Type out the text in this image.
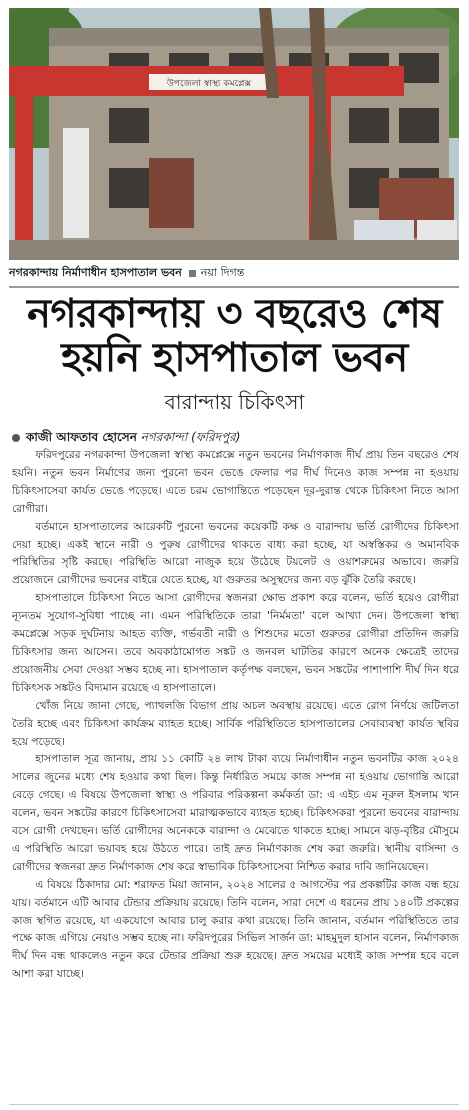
উপজেলা স্বাস্থ্য কমপ্লেক্স
নগরকান্দায় নির্মাণাধীন হাসপাতাল ভবন নয়া দিগন্ত
নগরকান্দায় ৩ বছরেও শেষ
হয়নি হাসপাতাল ভবন
বারান্দায় চিকিৎসা
কাজী আফতাব হোসেন নগরকান্দা (ফরিদপুর)

ফরিদপুরের নগরকান্দা উপজেলা স্বাস্থ্য কমপ্লেক্সে নতুন ভবনের নির্মাণকাজ দীর্ঘ প্রায় তিন বছরেও শেষ হয়নি। নতুন ভবন নির্মাণের জন্য পুরনো ভবন ভেঙে ফেলার পর দীর্ঘ দিনেও কাজ সম্পন্ন না হওয়ায় চিকিৎসাসেবা কার্যত ভেঙে পড়েছে। এতে চরম ভোগান্তিতে পড়েছেন দূর-দুরান্ত থেকে চিকিৎসা নিতে আসা রোগীরা।

বর্তমানে হাসপাতালের আরেকটি পুরনো ভবনের কয়েকটি কক্ষ ও বারান্দায় ভর্তি রোগীদের চিকিৎসা দেয়া হচ্ছে। একই স্থানে নারী ও পুরুষ রোগীদের থাকতে বাধ্য করা হচ্ছে, যা অস্বস্তিকর ও অমানবিক পরিস্থিতির সৃষ্টি করছে। পরিস্থিতি আরো নাজুক হয়ে উঠেছে টয়লেট ও ওয়াশরুমের অভাবে। জরুরি প্রয়োজনে রোগীদের ভবনের বাইরে যেতে হচ্ছে, যা গুরুতর অসুস্থদের জন্য বড় ঝুঁকি তৈরি করছে।

হাসপাতালে চিকিৎসা নিতে আসা রোগীদের স্বজনরা ক্ষোভ প্রকাশ করে বলেন, ভর্তি হয়েও রোগীরা ন্যূনতম সুযোগ-সুবিধা পাচ্ছে না। এমন পরিস্থিতিকে তারা 'নির্মমতা' বলে আখ্যা দেন। উপজেলা স্বাস্থ্য কমপ্লেক্সে সড়ক দুর্ঘটনায় আহত ব্যক্তি, গর্ভবতী নারী ও শিশুদের মতো গুরুতর রোগীরা প্রতিদিন জরুরি চিকিৎসার জন্য আসেন। তবে অবকাঠামোগত সঙ্কট ও জনবল ঘাটতির কারণে অনেক ক্ষেত্রেই তাদের প্রয়োজনীয় সেবা দেওয়া সম্ভব হচ্ছে না। হাসপাতাল কর্তৃপক্ষ বলছেন, ভবন সঙ্কটের পাশাপাশি দীর্ঘ দিন ধরে চিকিৎসক সঙ্কটও বিদ্যমান রয়েছে এ হাসপাতালে।

খোঁজ নিয়ে জানা গেছে, প্যাথলজি বিভাগ প্রায় অচল অবস্থায় রয়েছে। এতে রোগ নির্ণয়ে জটিলতা তৈরি হচ্ছে এবং চিকিৎসা কার্যক্রম ব্যাহত হচ্ছে। সার্বিক পরিস্থিতিতে হাসপাতালের সেবাব্যবস্থা কার্যত স্থবির হয়ে পড়েছে।

হাসপাতাল সূত্র জানায়, প্রায় ১১ কোটি ২৪ লাখ টাকা ব্যয়ে নির্মাণাধীন নতুন ভবনটির কাজ ২০২৪ সালের জুনের মধ্যে শেষ হওয়ার কথা ছিল। কিন্তু নির্ধারিত সময়ে কাজ সম্পন্ন না হওয়ায় ভোগান্তি আরো বেড়ে গেছে। এ বিষয়ে উপজেলা স্বাস্থ্য ও পরিবার পরিকল্পনা কর্মকর্তা ডা: এ এইচ এম নূরুল ইসলাম খান বলেন, ভবন সঙ্কটের কারণে চিকিৎসাসেবা মারাত্মকভাবে ব্যাহত হচ্ছে। চিকিৎসকরা পুরনো ভবনের বারান্দায় বসে রোগী দেখছেন। ভর্তি রোগীদের অনেককে বারান্দা ও মেঝেতে থাকতে হচ্ছে। সামনে ঝড়-বৃষ্টির মৌসুমে এ পরিস্থিতি আরো ভয়াবহ হয়ে উঠতে পারে। তাই দ্রুত নির্মাণকাজ শেষ করা জরুরি। স্থানীয় বাসিন্দা ও রোগীদের স্বজনরা দ্রুত নির্মাণকাজ শেষ করে স্বাভাবিক চিকিৎসাসেবা নিশ্চিত করার দাবি জানিয়েছেন।

এ বিষয়ে ঠিকাদার মো: শরাফত মিয়া জানান, ২০২৪ সালের ৫ আগস্টের পর প্রকল্পটির কাজ বন্ধ হয়ে যায়। বর্তমানে এটি আবার টেন্ডার প্রক্রিয়ায় রয়েছে। তিনি বলেন, সারা দেশে এ ধরনের প্রায় ১৪০টি প্রকল্পের কাজ স্থগিত রয়েছে, যা একযোগে আবার চালু করার কথা রয়েছে। তিনি জানান, বর্তমান পরিস্থিতিতে তার পক্ষে কাজ এগিয়ে নেয়াও সম্ভব হচ্ছে না। ফরিদপুরের সিভিল সার্জন ডা: মাহমুদুল হাসান বলেন, নির্মাণকাজ দীর্ঘ দিন বন্ধ থাকলেও নতুন করে টেন্ডার প্রক্রিয়া শুরু হয়েছে। দ্রুত সময়ের মধ্যেই কাজ সম্পন্ন হবে বলে আশা করা যাচ্ছে।
